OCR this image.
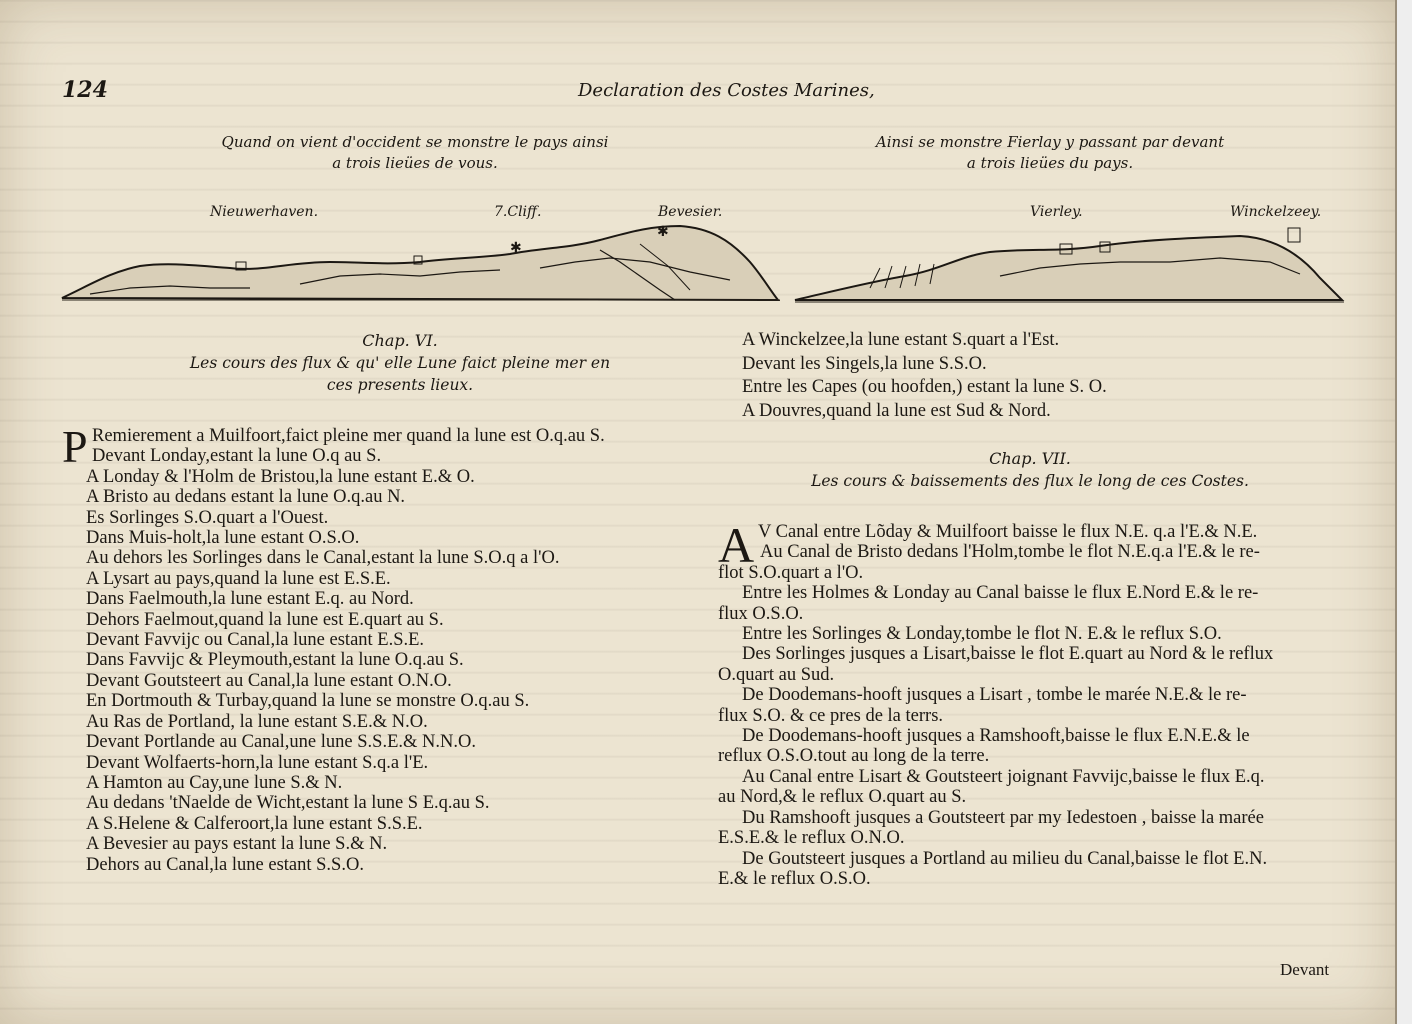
124	Declaration des Costes Marines,
Quand on vient d'occident se monstre le pays ainsi
a trois lieües de vous.
Nieuwerhaven.	7.Cliff.	Bevesier.
Ainsi se monstre Fierlay y passant par devant
a trois lieües du pays.
Vierley.	Winckelzeey.
✱
✱
Chap. VI.
Les cours des flux & qu' elle Lune faict pleine mer en
ces presents lieux.
P Remierement a Muilfoort,faict pleine mer quand la lune est O.q.au S.

Devant Londay,estant la lune O.q au S.

A Londay & l'Holm de Bristou,la lune estant E.& O.

A Bristo au dedans estant la lune O.q.au N.

Es Sorlinges S.O.quart a l'Ouest.

Dans Muis-holt,la lune estant O.S.O.

Au dehors les Sorlinges dans le Canal,estant la lune S.O.q a l'O.

A Lysart au pays,quand la lune est E.S.E.

Dans Faelmouth,la lune estant E.q. au Nord.

Dehors Faelmout,quand la lune est E.quart au S.

Devant Favvijc ou Canal,la lune estant E.S.E.

Dans Favvijc & Pleymouth,estant la lune O.q.au S.

Devant Goutsteert au Canal,la lune estant O.N.O.

En Dortmouth & Turbay,quand la lune se monstre O.q.au S.

Au Ras de Portland, la lune estant S.E.& N.O.

Devant Portlande au Canal,une lune S.S.E.& N.N.O.

Devant Wolfaerts-horn,la lune estant S.q.a l'E.

A Hamton au Cay,une lune S.& N.

Au dedans 'tNaelde de Wicht,estant la lune S E.q.au S.

A S.Helene & Calferoort,la lune estant S.S.E.

A Bevesier au pays estant la lune S.& N.

Dehors au Canal,la lune estant S.S.O.

A Winckelzee,la lune estant S.quart a l'Est.

Devant les Singels,la lune S.S.O.

Entre les Capes (ou hoofden,) estant la lune S. O.

A Douvres,quand la lune est Sud & Nord.

Chap. VII.
Les cours & baissements des flux le long de ces Costes.
A V Canal entre Lõday & Muilfoort baisse le flux N.E. q.a l'E.& N.E.

Au Canal de Bristo dedans l'Holm,tombe le flot N.E.q.a l'E.& le re-

flot S.O.quart a l'O.

Entre les Holmes & Londay au Canal baisse le flux E.Nord E.& le re-

flux O.S.O.

Entre les Sorlinges & Londay,tombe le flot N. E.& le reflux S.O.

Des Sorlinges jusques a Lisart,baisse le flot E.quart au Nord & le reflux

O.quart au Sud.

De Doodemans-hooft jusques a Lisart , tombe le marée N.E.& le re-

flux S.O. & ce pres de la terrs.

De Doodemans-hooft jusques a Ramshooft,baisse le flux E.N.E.& le

reflux O.S.O.tout au long de la terre.

Au Canal entre Lisart & Goutsteert joignant Favvijc,baisse le flux E.q.

au Nord,& le reflux O.quart au S.

Du Ramshooft jusques a Goutsteert par my Iedestoen , baisse la marée

E.S.E.& le reflux O.N.O.

De Goutsteert jusques a Portland au milieu du Canal,baisse le flot E.N.

E.& le reflux O.S.O.

Devant
